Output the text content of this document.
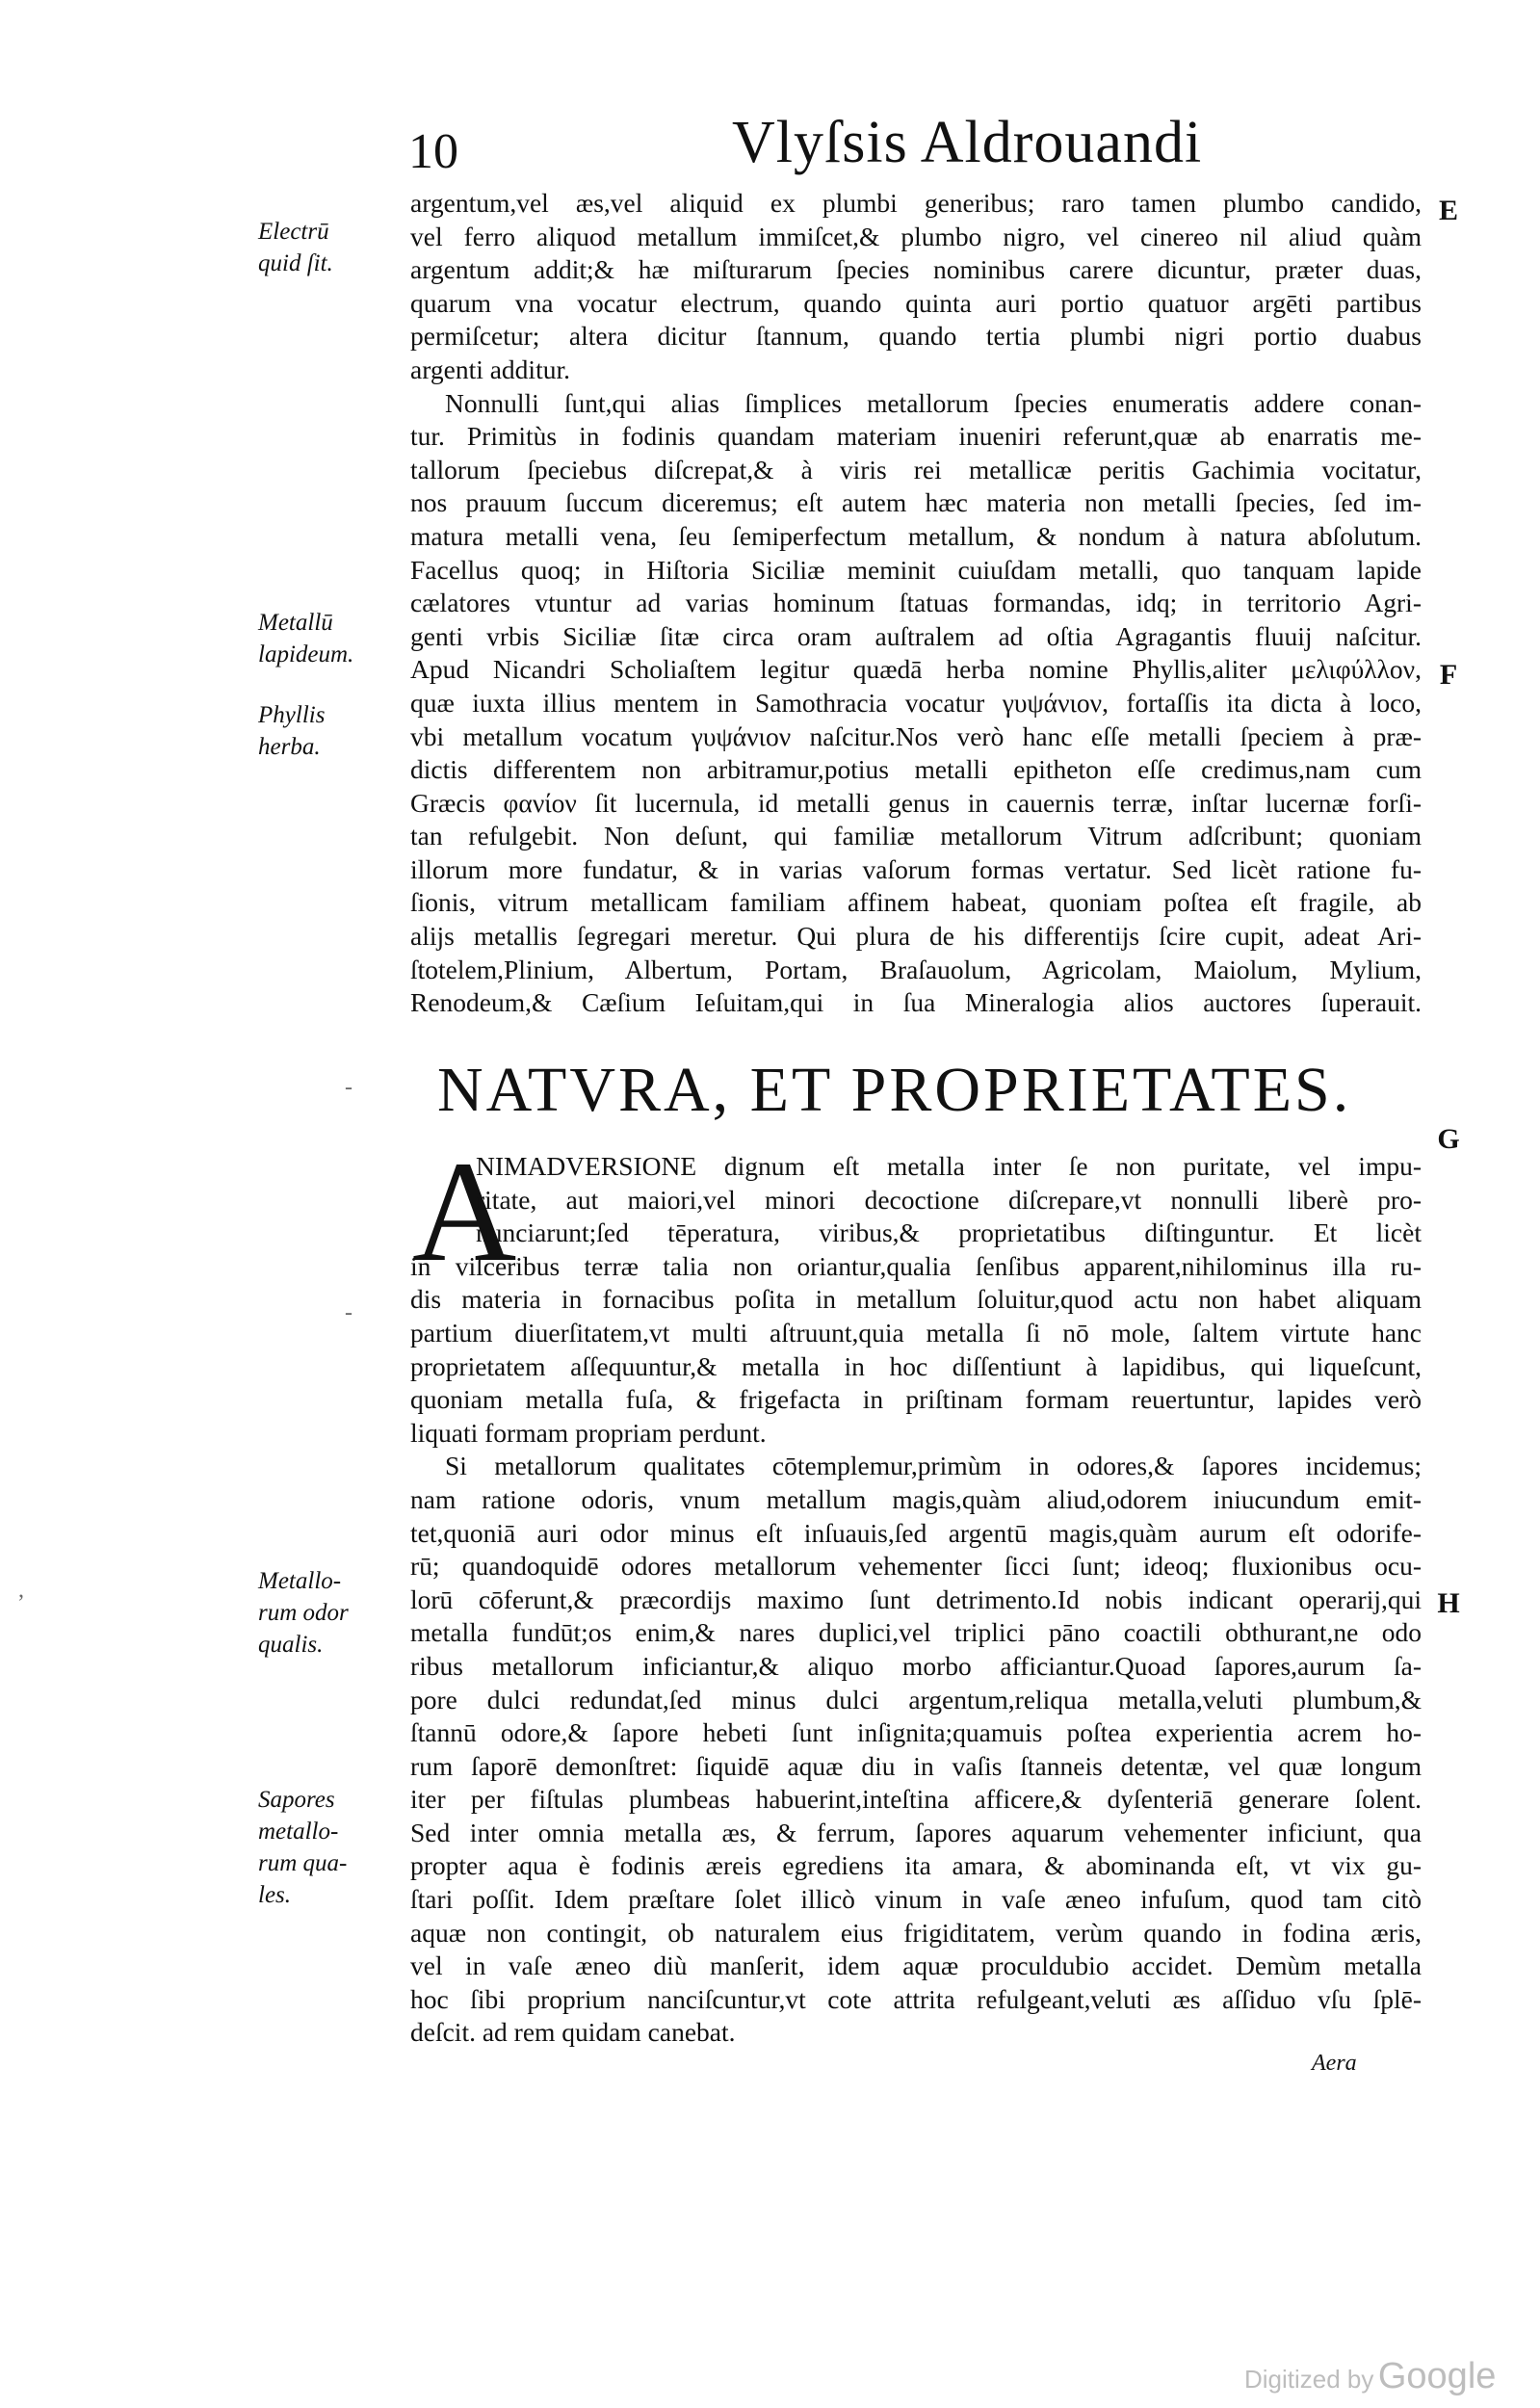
10	Vlyſsis Aldrouandi
E
F
G
H
Electrū
quid ſit.
Metallū
lapideum.
Phyllis
herba.
Metallo-
rum odor
qualis.
Sapores
metallo-
rum qua-
les.
argentum,vel æs,vel aliquid ex plumbi generibus; raro tamen plumbo candido,
vel ferro aliquod metallum immiſcet,& plumbo nigro, vel cinereo nil aliud quàm
argentum addit;& hæ miſturarum ſpecies nominibus carere dicuntur, præter duas,
quarum vna vocatur electrum, quando quinta auri portio quatuor argēti partibus
permiſcetur; altera dicitur ſtannum, quando tertia plumbi nigri portio duabus
argenti additur.
Nonnulli ſunt,qui alias ſimplices metallorum ſpecies enumeratis addere conan-
tur. Primitùs in fodinis quandam materiam inueniri referunt,quæ ab enarratis me-
tallorum ſpeciebus diſcrepat,& à viris rei metallicæ peritis Gachimia vocitatur,
nos prauum ſuccum diceremus; eſt autem hæc materia non metalli ſpecies, ſed im-
matura metalli vena, ſeu ſemiperfectum metallum, & nondum à natura abſolutum.
Facellus quoq; in Hiſtoria Siciliæ meminit cuiuſdam metalli, quo tanquam lapide
cælatores vtuntur ad varias hominum ſtatuas formandas, idq; in territorio Agri-
genti vrbis Siciliæ ſitæ circa oram auſtralem ad oſtia Agragantis fluuij naſcitur.
Apud Nicandri Scholiaſtem legitur quædā herba nomine Phyllis,aliter μελιφύλλον,
quæ iuxta illius mentem in Samothracia vocatur γυψάνιον, fortaſſis ita dicta à loco,
vbi metallum vocatum γυψάνιον naſcitur.Nos verò hanc eſſe metalli ſpeciem à præ-
dictis differentem non arbitramur,potius metalli epitheton eſſe credimus,nam cum
Græcis φανίον ſit lucernula, id metalli genus in cauernis terræ, inſtar lucernæ forſi-
tan refulgebit. Non deſunt, qui familiæ metallorum Vitrum adſcribunt; quoniam
illorum more fundatur, & in varias vaſorum formas vertatur. Sed licèt ratione fu-
ſionis, vitrum metallicam familiam affinem habeat, quoniam poſtea eſt fragile, ab
alijs metallis ſegregari meretur. Qui plura de his differentijs ſcire cupit, adeat Ari-
ſtotelem,Plinium, Albertum, Portam, Braſauolum, Agricolam, Maiolum, Mylium,
Renodeum,& Cæſium Ieſuitam,qui in ſua Mineralogia alios auctores ſuperauit.
NATVRA, ET PROPRIETATES.
A
NIMADVERSIONE dignum eſt metalla inter ſe non puritate, vel impu-
ritate, aut maiori,vel minori decoctione diſcrepare,vt nonnulli liberè pro-
nunciarunt;ſed tēperatura, viribus,& proprietatibus diſtinguntur. Et licèt
in viſceribus terræ talia non oriantur,qualia ſenſibus apparent,nihilominus illa ru-
dis materia in fornacibus poſita in metallum ſoluitur,quod actu non habet aliquam
partium diuerſitatem,vt multi aſtruunt,quia metalla ſi nō mole, ſaltem virtute hanc
proprietatem aſſequuntur,& metalla in hoc diſſentiunt à lapidibus, qui liqueſcunt,
quoniam metalla fuſa, & frigefacta in priſtinam formam reuertuntur, lapides verò
liquati formam propriam perdunt.
Si metallorum qualitates cōtemplemur,primùm in odores,& ſapores incidemus;
nam ratione odoris, vnum metallum magis,quàm aliud,odorem iniucundum emit-
tet,quoniā auri odor minus eſt inſuauis,ſed argentū magis,quàm aurum eſt odorife-
rū; quandoquidē odores metallorum vehementer ſicci ſunt; ideoq; fluxionibus ocu-
lorū cōferunt,& præcordijs maximo ſunt detrimento.Id nobis indicant operarij,qui
metalla fundūt;os enim,& nares duplici,vel triplici pāno coactili obthurant,ne odo
ribus metallorum inficiantur,& aliquo morbo afficiantur.Quoad ſapores,aurum ſa-
pore dulci redundat,ſed minus dulci argentum,reliqua metalla,veluti plumbum,&
ſtannū odore,& ſapore hebeti ſunt inſignita;quamuis poſtea experientia acrem ho-
rum ſaporē demonſtret: ſiquidē aquæ diu in vaſis ſtanneis detentæ, vel quæ longum
iter per fiſtulas plumbeas habuerint,inteſtina afficere,& dyſenteriā generare ſolent.
Sed inter omnia metalla æs, & ferrum, ſapores aquarum vehementer inficiunt, qua
propter aqua è fodinis æreis egrediens ita amara, & abominanda eſt, vt vix gu-
ſtari poſſit. Idem præſtare ſolet illicò vinum in vaſe æneo infuſum, quod tam citò
aquæ non contingit, ob naturalem eius frigiditatem, verùm quando in fodina æris,
vel in vaſe æneo diù manſerit, idem aquæ proculdubio accidet. Demùm metalla
hoc ſibi proprium nanciſcuntur,vt cote attrita refulgeant,veluti æs aſſiduo vſu ſplē-
deſcit. ad rem quidam canebat.
Aera
-
-
,
Digitized by Google
